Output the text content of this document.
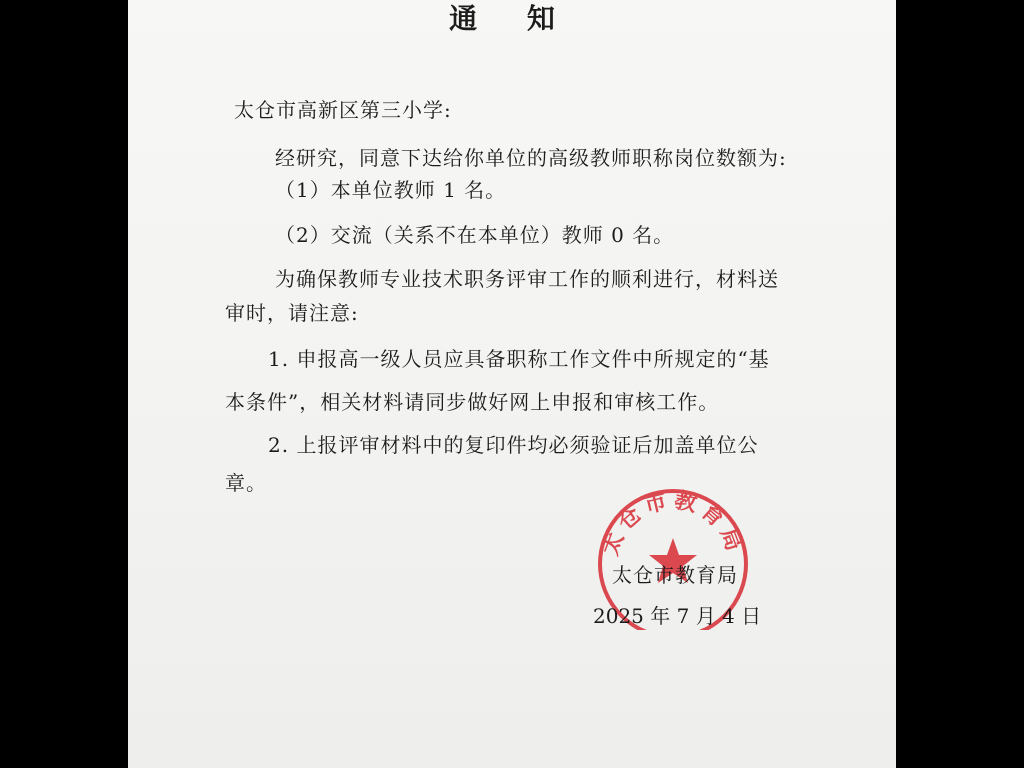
通 知
太仓市高新区第三小学:
经研究，同意下达给你单位的高级教师职称岗位数额为:
（1）本单位教师 1 名。
（2）交流（关系不在本单位）教师 0 名。
为确保教师专业技术职务评审工作的顺利进行，材料送
审时，请注意:
1. 申报高一级人员应具备职称工作文件中所规定的“基
本条件”，相关材料请同步做好网上申报和审核工作。
2. 上报评审材料中的复印件均必须验证后加盖单位公
章。
太仓市教育局
太仓市教育局
2025 年 7 月 4 日
